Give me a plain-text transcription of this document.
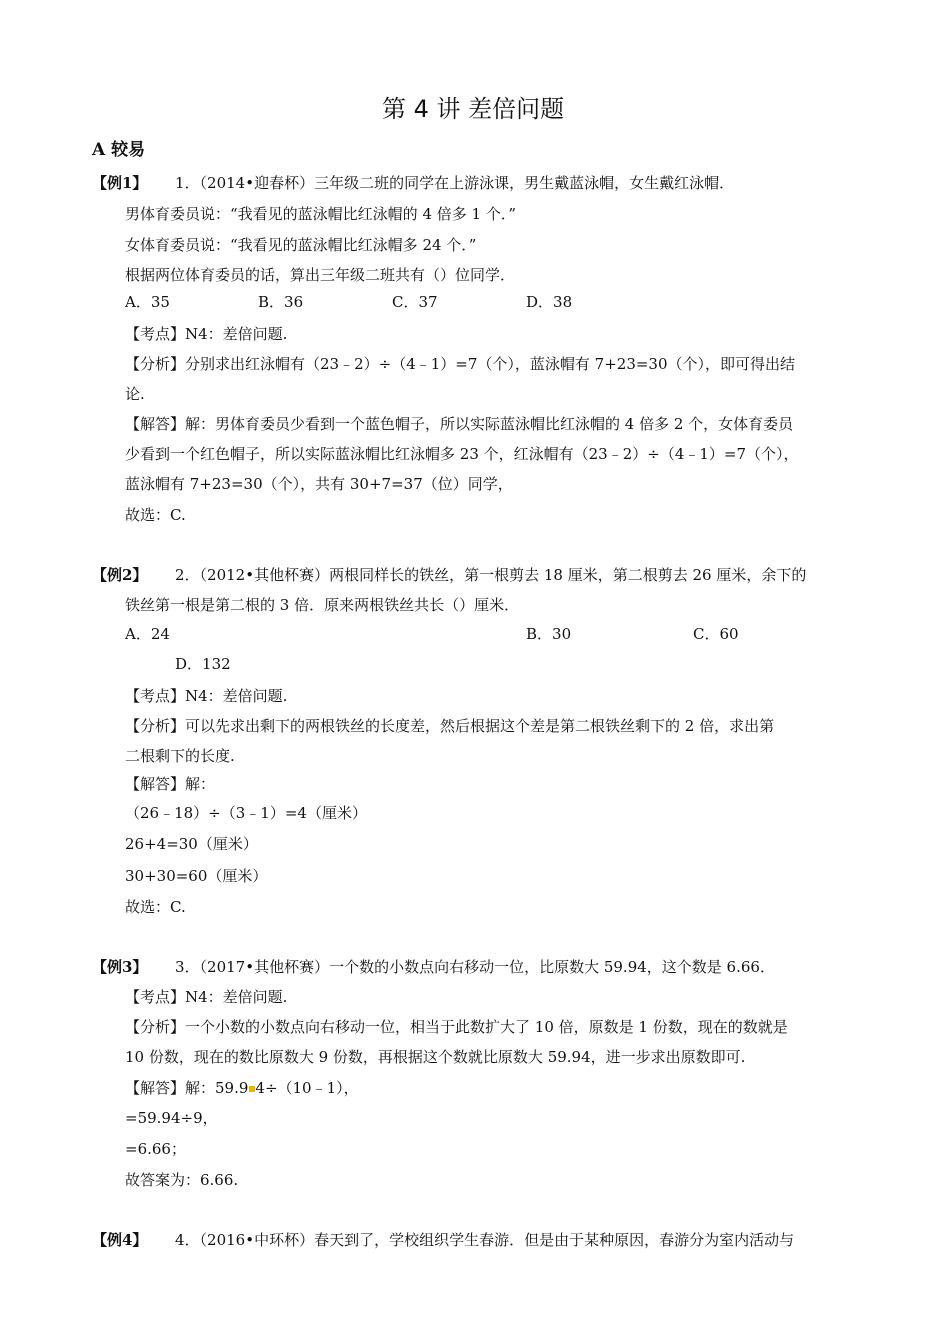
第 4 讲 差倍问题
A 较易
【例1】 1．（2014•迎春杯）三年级二班的同学在上游泳课，男生戴蓝泳帽，女生戴红泳帽．
男体育委员说：“我看见的蓝泳帽比红泳帽的 4 倍多 1 个．”
女体育委员说：“我看见的蓝泳帽比红泳帽多 24 个．”
根据两位体育委员的话，算出三年级二班共有（）位同学．
A．35	B．36	C．37	D．38
【考点】N4：差倍问题.
【分析】分别求出红泳帽有（23﹣2）÷（4﹣1）=7（个），蓝泳帽有 7+23=30（个），即可得出结
论.
【解答】解：男体育委员少看到一个蓝色帽子，所以实际蓝泳帽比红泳帽的 4 倍多 2 个，女体育委员
少看到一个红色帽子，所以实际蓝泳帽比红泳帽多 23 个，红泳帽有（23﹣2）÷（4﹣1）=7（个），
蓝泳帽有 7+23=30（个），共有 30+7=37（位）同学，
故选：C.
【例2】 2．（2012•其他杯赛）两根同样长的铁丝，第一根剪去 18 厘米，第二根剪去 26 厘米，余下的
铁丝第一根是第二根的 3 倍．原来两根铁丝共长（）厘米．
A．24	B．30	C．60
D．132
【考点】N4：差倍问题.
【分析】可以先求出剩下的两根铁丝的长度差，然后根据这个差是第二根铁丝剩下的 2 倍，求出第
二根剩下的长度.
【解答】解：
（26﹣18）÷（3﹣1）=4（厘米）
26+4=30（厘米）
30+30=60（厘米）
故选：C.
【例3】 3．（2017•其他杯赛）一个数的小数点向右移动一位，比原数大 59.94，这个数是 6.66．
【考点】N4：差倍问题.
【分析】一个小数的小数点向右移动一位，相当于此数扩大了 10 倍，原数是 1 份数，现在的数就是
10 份数，现在的数比原数大 9 份数，再根据这个数就比原数大 59.94，进一步求出原数即可.
【解答】解：59.9 4÷（10﹣1），
=59.94÷9，
=6.66；
故答案为：6.66.
【例4】 4．（2016•中环杯）春天到了，学校组织学生春游．但是由于某种原因，春游分为室内活动与
